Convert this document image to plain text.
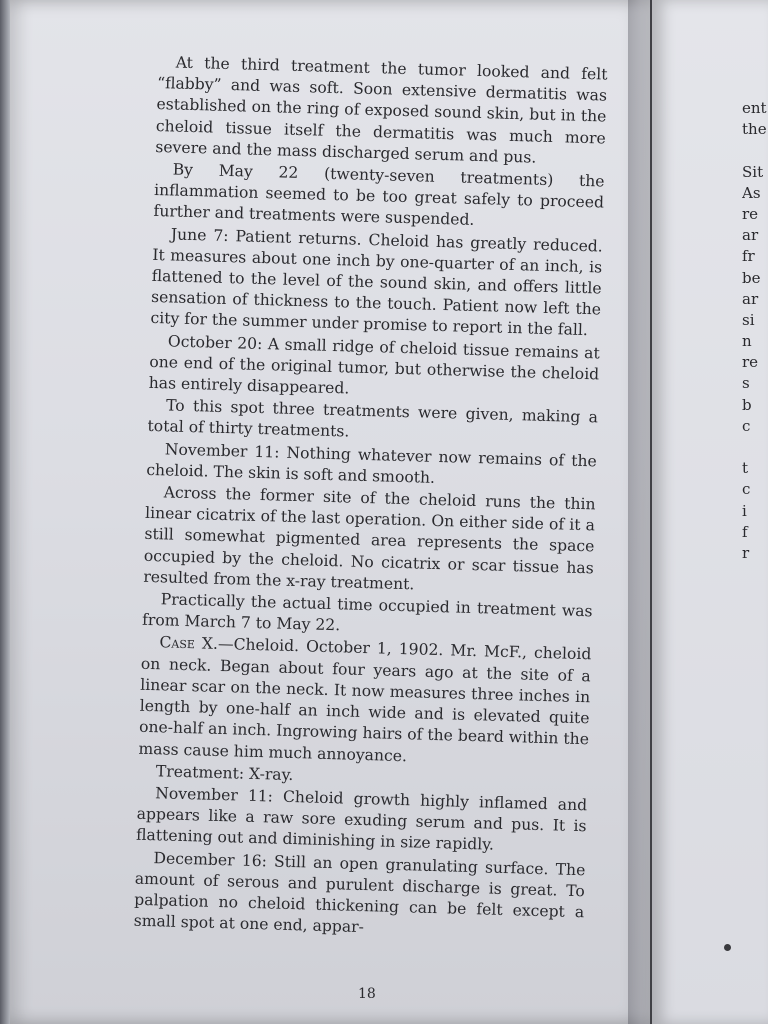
At the third treatment the tumor looked and felt “flabby” and was soft. Soon extensive dermatitis was established on the ring of exposed sound skin, but in the cheloid tissue itself the dermatitis was much more severe and the mass discharged serum and pus.

By May 22 (twenty-seven treatments) the inflammation seemed to be too great safely to proceed further and treatments were suspended.

June 7: Patient returns. Cheloid has greatly reduced. It measures about one inch by one-quarter of an inch, is flattened to the level of the sound skin, and offers little sensation of thickness to the touch. Patient now left the city for the summer under promise to report in the fall.

October 20: A small ridge of cheloid tissue remains at one end of the original tumor, but otherwise the cheloid has entirely disappeared.

To this spot three treatments were given, making a total of thirty treatments.

November 11: Nothing whatever now remains of the cheloid. The skin is soft and smooth.

Across the former site of the cheloid runs the thin linear cicatrix of the last operation. On either side of it a still somewhat pigmented area represents the space occupied by the cheloid. No cicatrix or scar tissue has resulted from the x-ray treatment.

Practically the actual time occupied in treatment was from March 7 to May 22.

Case X.—Cheloid. October 1, 1902. Mr. McF., cheloid on neck. Began about four years ago at the site of a linear scar on the neck. It now measures three inches in length by one-half an inch wide and is elevated quite one-half an inch. Ingrowing hairs of the beard within the mass cause him much annoyance.

Treatment: X-ray.

November 11: Cheloid growth highly inflamed and appears like a raw sore exuding serum and pus. It is flattening out and diminishing in size rapidly.

December 16: Still an open granulating surface. The amount of serous and purulent discharge is great. To palpation no cheloid thickening can be felt except a small spot at one end, appar-

18
ent
the
Sit
As
re
ar
fr
be
ar
si
n
re
s
b
c
t
c
i
f
r
